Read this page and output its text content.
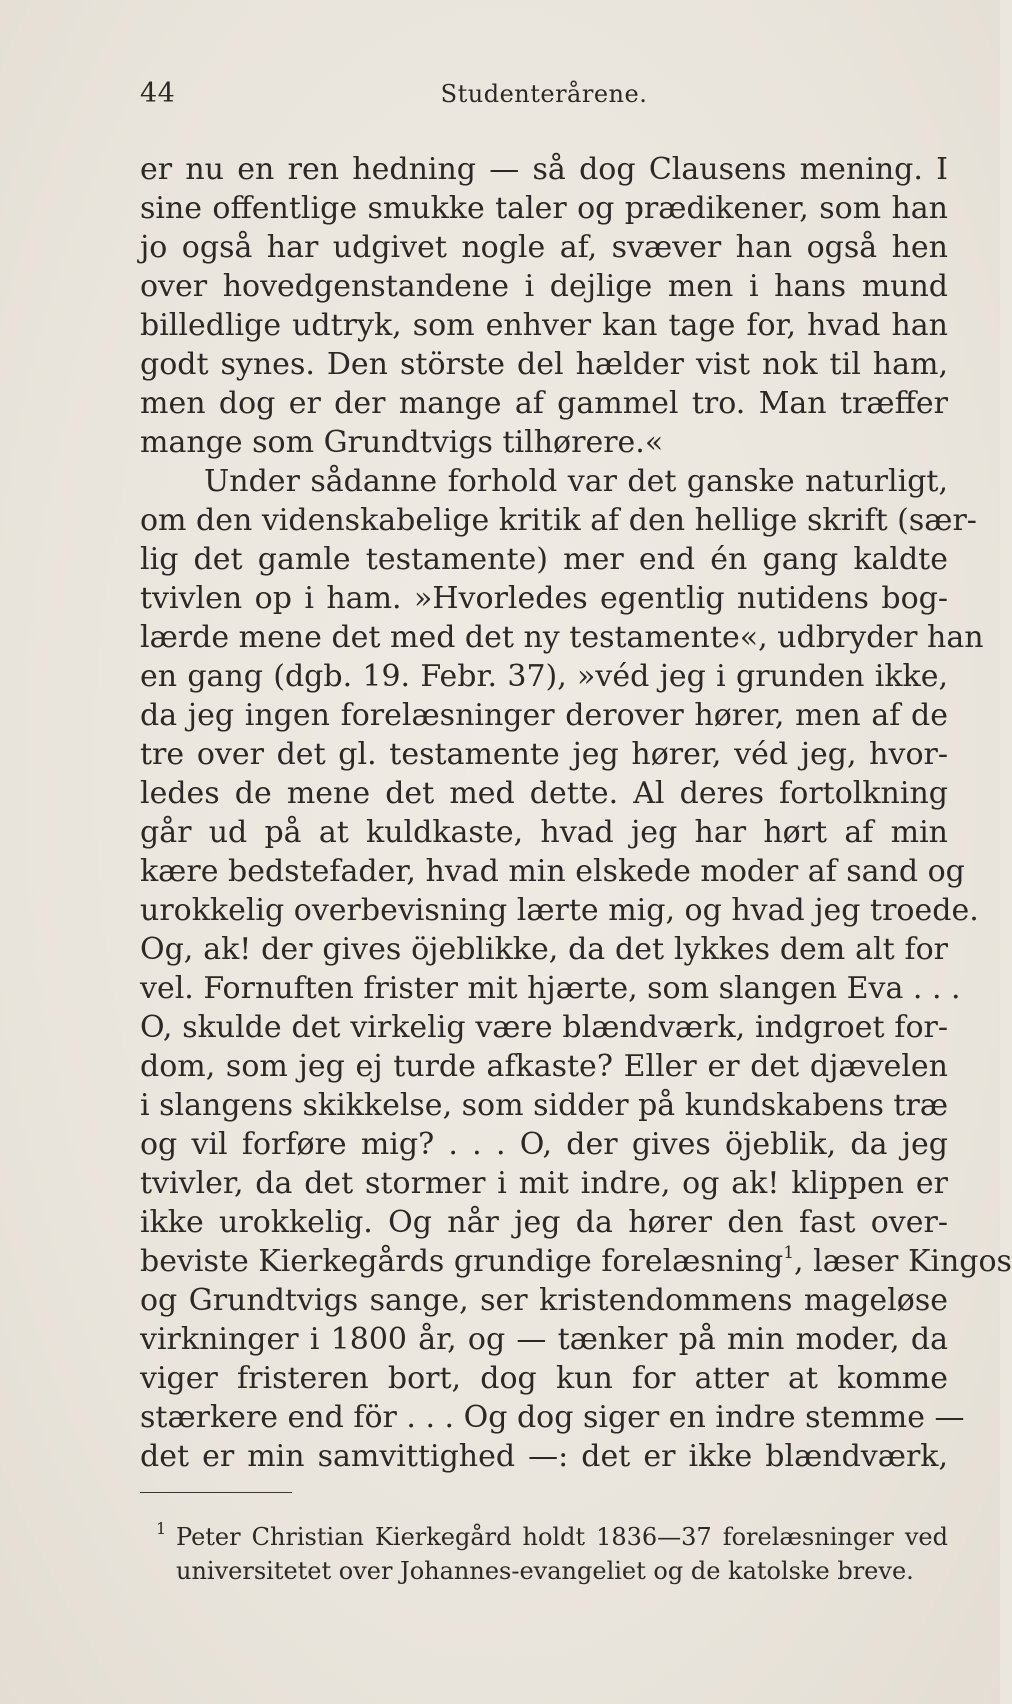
44	Studenterårene.
er nu en ren hedning — så dog Clausens mening. I
sine offentlige smukke taler og prædikener, som han
jo også har udgivet nogle af, svæver han også hen
over hovedgenstandene i dejlige men i hans mund
billedlige udtryk, som enhver kan tage for, hvad han
godt synes. Den störste del hælder vist nok til ham,
men dog er der mange af gammel tro. Man træffer
mange som Grundtvigs tilhørere.«
Under sådanne forhold var det ganske naturligt,
om den videnskabelige kritik af den hellige skrift (sær-
lig det gamle testamente) mer end én gang kaldte
tvivlen op i ham. »Hvorledes egentlig nutidens bog-
lærde mene det med det ny testamente«, udbryder han
en gang (dgb. 19. Febr. 37), »véd jeg i grunden ikke,
da jeg ingen forelæsninger derover hører, men af de
tre over det gl. testamente jeg hører, véd jeg, hvor-
ledes de mene det med dette. Al deres fortolkning
går ud på at kuldkaste, hvad jeg har hørt af min
kære bedstefader, hvad min elskede moder af sand og
urokkelig overbevisning lærte mig, og hvad jeg troede.
Og, ak! der gives öjeblikke, da det lykkes dem alt for
vel. Fornuften frister mit hjærte, som slangen Eva . . .
O, skulde det virkelig være blændværk, indgroet for-
dom, som jeg ej turde afkaste? Eller er det djævelen
i slangens skikkelse, som sidder på kundskabens træ
og vil forføre mig? . . . O, der gives öjeblik, da jeg
tvivler, da det stormer i mit indre, og ak! klippen er
ikke urokkelig. Og når jeg da hører den fast over-
beviste Kierkegårds grundige forelæsning$^1$, læser Kingos
og Grundtvigs sange, ser kristendommens mageløse
virkninger i 1800 år, og — tænker på min moder, da
viger fristeren bort, dog kun for atter at komme
stærkere end för . . . Og dog siger en indre stemme —
det er min samvittighed —: det er ikke blændværk,
1 Peter Christian Kierkegård holdt 1836—37 forelæsninger ved
universitetet over Johannes-evangeliet og de katolske breve.
